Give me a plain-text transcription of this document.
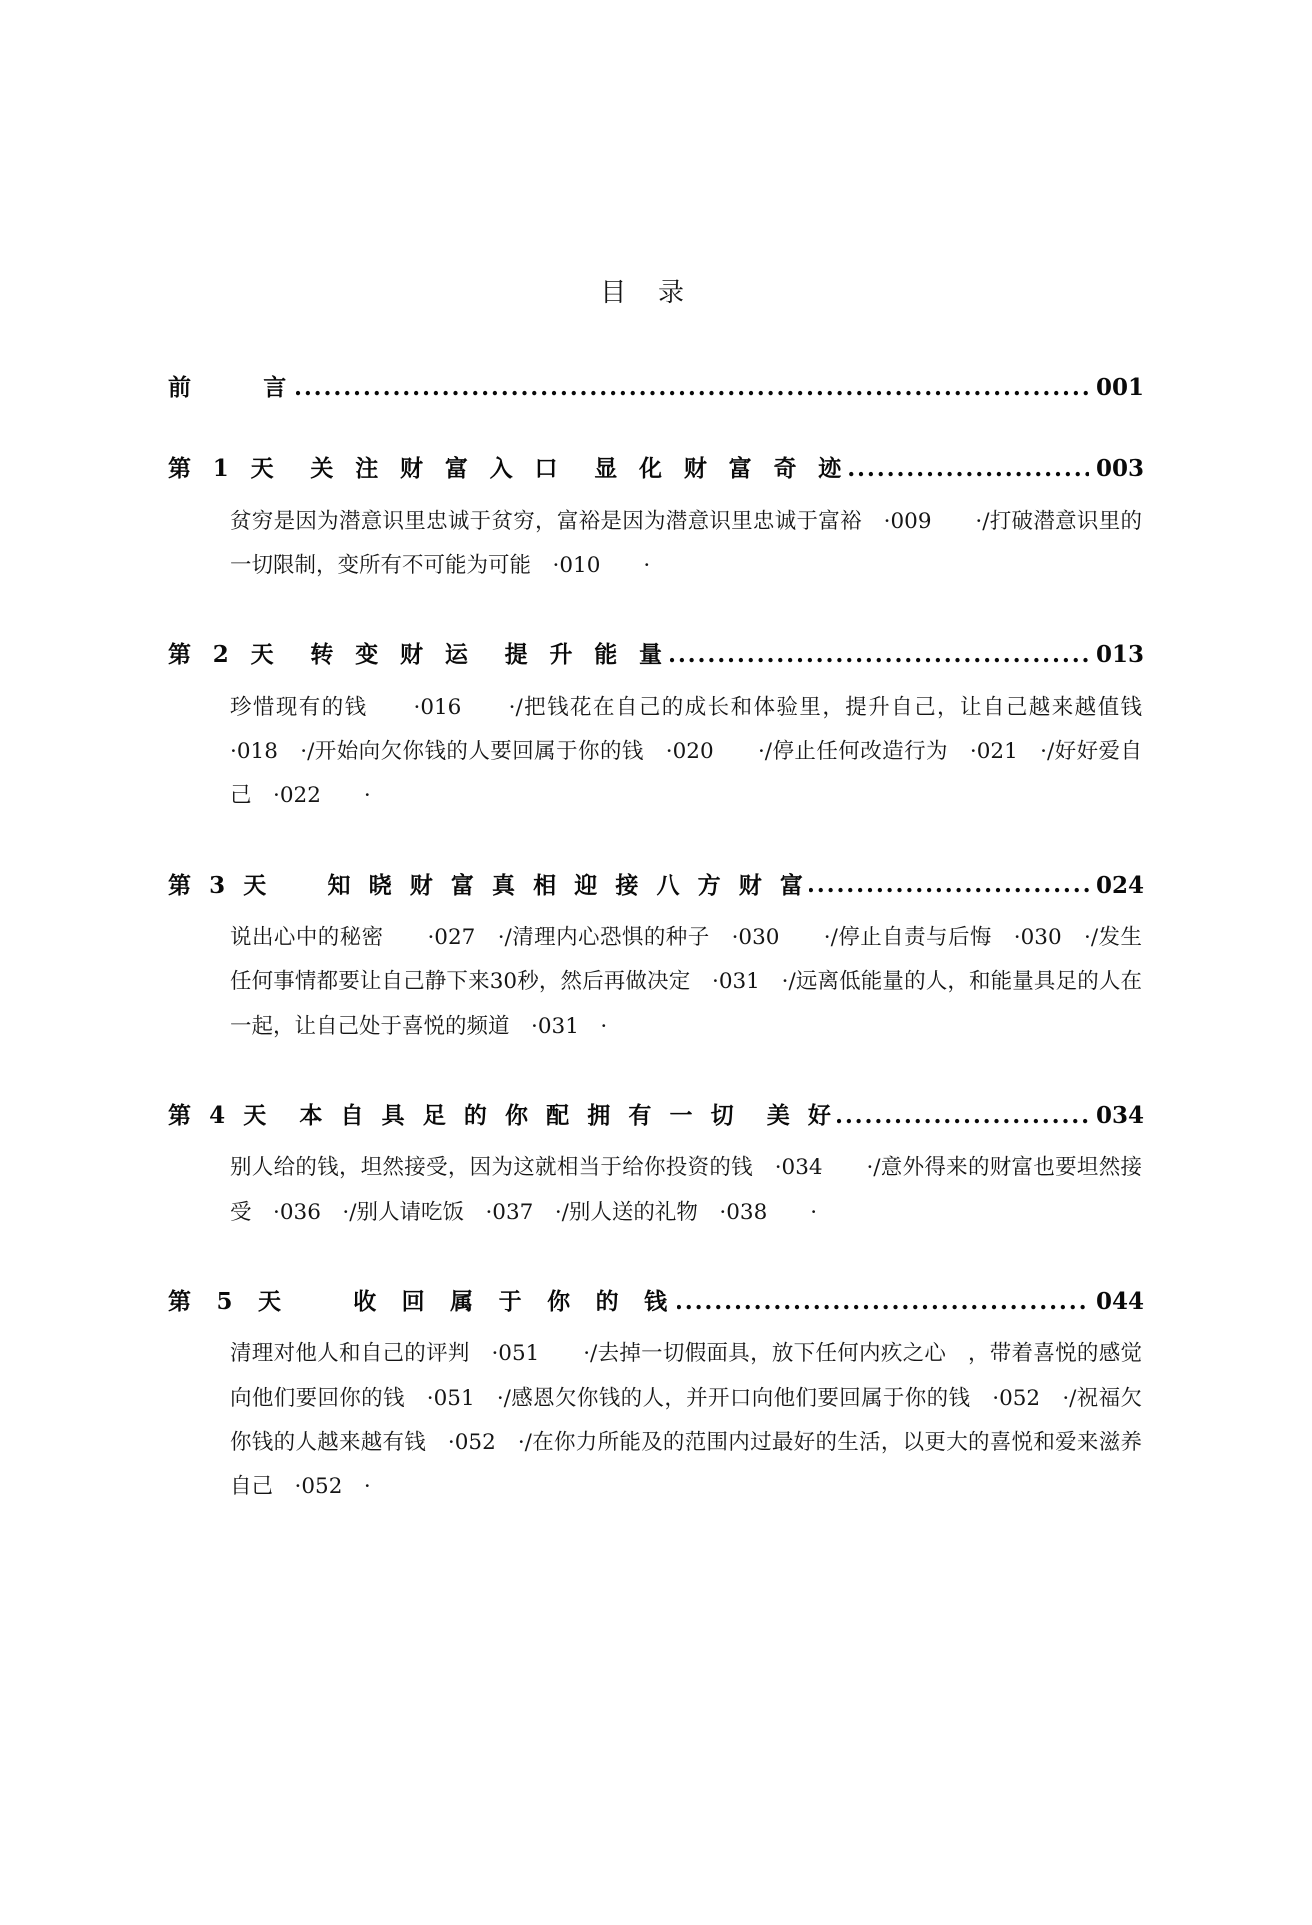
目 录
前　　言 .....	001
第 1 天　关 注 财 富 入 口　显 化 财 富 奇 迹 .....	003

贫穷是因为潜意识里忠诚于贫穷，富裕是因为潜意识里忠诚于富裕　·009　　·/打破潜意识里的一切限制，变所有不可能为可能　·010　　·

第 2 天　转 变 财 运　提 升 能 量 .....	013

珍惜现有的钱　　·016　　·/把钱花在自己的成长和体验里，提升自己，让自己越来越值钱　·018　·/开始向欠你钱的人要回属于你的钱　·020　　·/停止任何改造行为　·021　·/好好爱自己　·022　　·

第 3 天　　知 晓 财 富 真 相 迎 接 八 方 财 富 .....	024

说出心中的秘密　　·027　·/清理内心恐惧的种子　·030　　·/停止自责与后悔　·030　·/发生任何事情都要让自己静下来30秒，然后再做决定　·031　·/远离低能量的人，和能量具足的人在一起，让自己处于喜悦的频道　·031　·

第 4 天　本 自 具 足 的 你 配 拥 有 一 切　美 好 .....	034

别人给的钱，坦然接受，因为这就相当于给你投资的钱　·034　　·/意外得来的财富也要坦然接受　·036　·/别人请吃饭　·037　·/别人送的礼物　·038　　·

第 5 天　　收 回 属 于 你 的 钱 .....	044

清理对他人和自己的评判　·051　　·/去掉一切假面具，放下任何内疚之心　，带着喜悦的感觉向他们要回你的钱　·051　·/感恩欠你钱的人，并开口向他们要回属于你的钱　·052　·/祝福欠你钱的人越来越有钱　·052　·/在你力所能及的范围内过最好的生活，以更大的喜悦和爱来滋养自己　·052　·
